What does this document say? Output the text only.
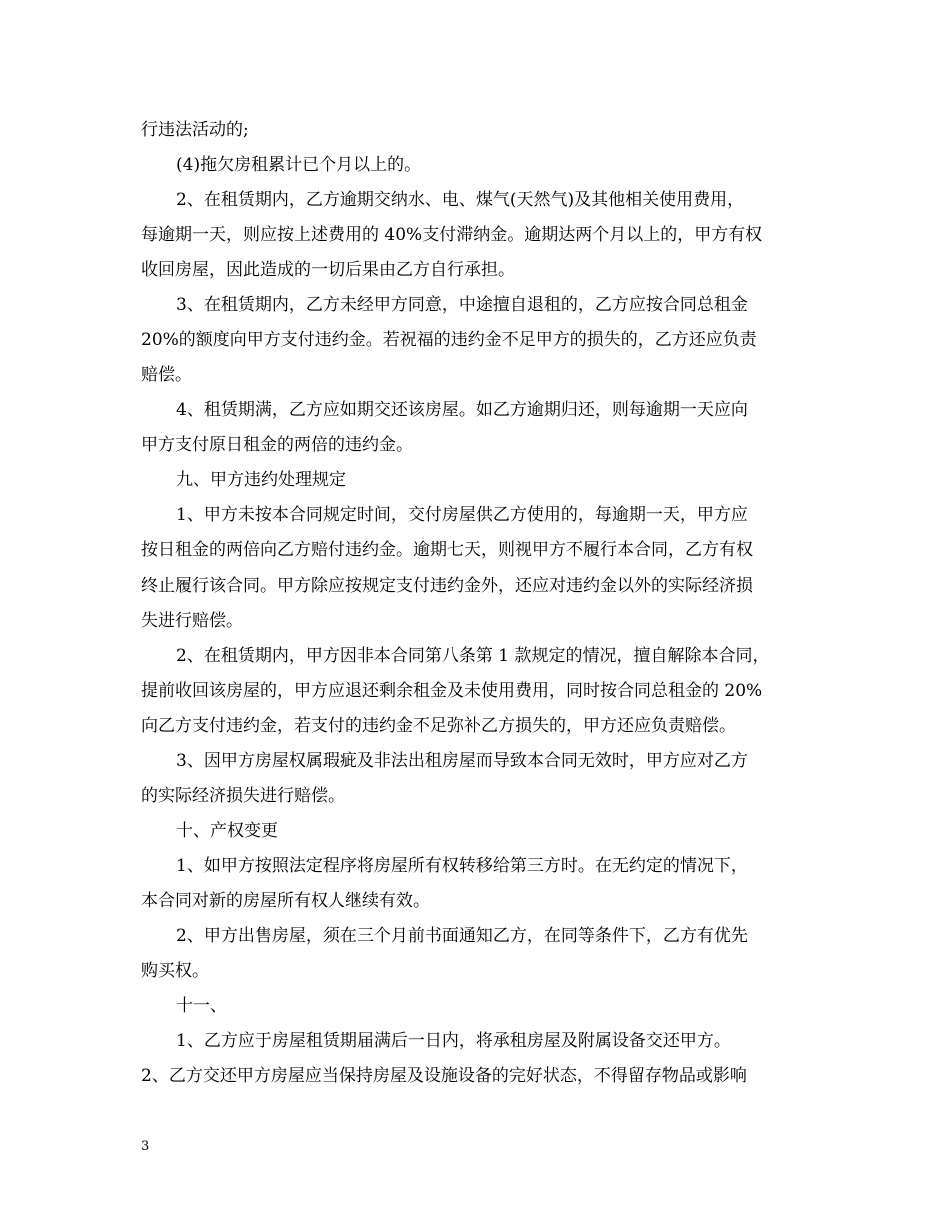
行违法活动的;
(4)拖欠房租累计已个月以上的。
2、在租赁期内，乙方逾期交纳水、电、煤气(天然气)及其他相关使用费用，
每逾期一天，则应按上述费用的 40%支付滞纳金。逾期达两个月以上的，甲方有权
收回房屋，因此造成的一切后果由乙方自行承担。
3、在租赁期内，乙方未经甲方同意，中途擅自退租的，乙方应按合同总租金
20%的额度向甲方支付违约金。若祝福的违约金不足甲方的损失的，乙方还应负责
赔偿。
4、租赁期满，乙方应如期交还该房屋。如乙方逾期归还，则每逾期一天应向
甲方支付原日租金的两倍的违约金。
九、甲方违约处理规定
1、甲方未按本合同规定时间，交付房屋供乙方使用的，每逾期一天，甲方应
按日租金的两倍向乙方赔付违约金。逾期七天，则视甲方不履行本合同，乙方有权
终止履行该合同。甲方除应按规定支付违约金外，还应对违约金以外的实际经济损
失进行赔偿。
2、在租赁期内，甲方因非本合同第八条第 1 款规定的情况，擅自解除本合同，
提前收回该房屋的，甲方应退还剩余租金及未使用费用，同时按合同总租金的 20%
向乙方支付违约金，若支付的违约金不足弥补乙方损失的，甲方还应负责赔偿。
3、因甲方房屋权属瑕疵及非法出租房屋而导致本合同无效时，甲方应对乙方
的实际经济损失进行赔偿。
十、产权变更
1、如甲方按照法定程序将房屋所有权转移给第三方时。在无约定的情况下，
本合同对新的房屋所有权人继续有效。
2、甲方出售房屋，须在三个月前书面通知乙方，在同等条件下，乙方有优先
购买权。
十一、
1、乙方应于房屋租赁期届满后一日内，将承租房屋及附属设备交还甲方。
2、乙方交还甲方房屋应当保持房屋及设施设备的完好状态，不得留存物品或影响
3
